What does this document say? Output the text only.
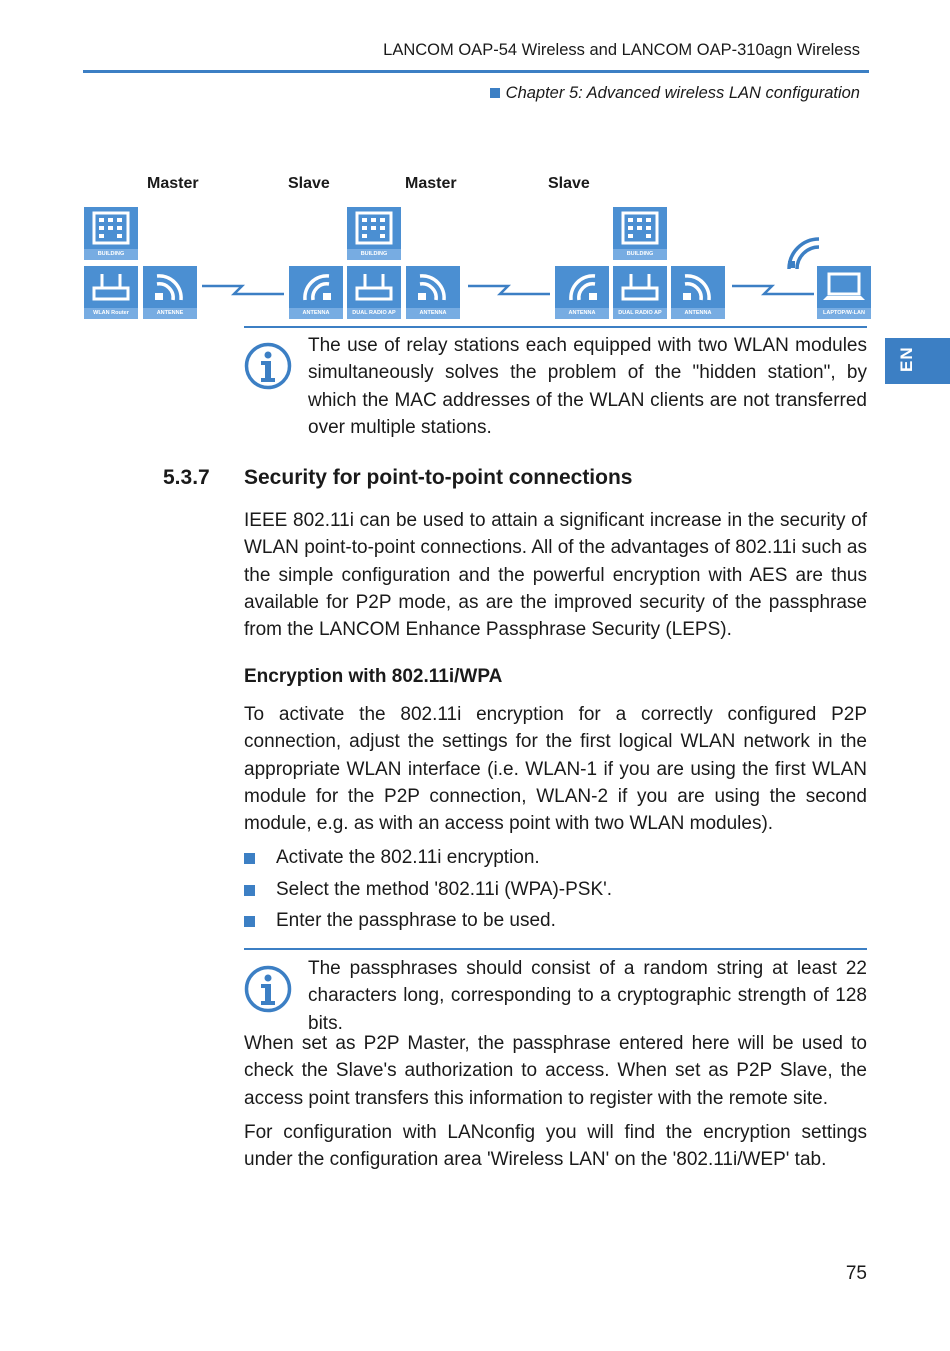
LANCOM OAP-54 Wireless and LANCOM OAP-310agn Wireless
Chapter 5: Advanced wireless LAN configuration
EN
Master	Slave	Master	Slave
BUILDING
WLAN Router	ANTENNE	ANTENNA
BUILDING
DUAL RADIO AP	ANTENNA	ANTENNA
BUILDING
DUAL RADIO AP	ANTENNA	LAPTOP/W-LAN
The use of relay stations each equipped with two WLAN modules simultaneously solves the problem of the "hidden station", by which the MAC addresses of the WLAN clients are not transferred over multiple stations.
5.3.7 Security for point-to-point connections
IEEE 802.11i can be used to attain a significant increase in the security of WLAN point-to-point connections. All of the advantages of 802.11i such as the simple configuration and the powerful encryption with AES are thus available for P2P mode, as are the improved security of the passphrase from the LANCOM Enhance Passphrase Security (LEPS).
Encryption with 802.11i/WPA
To activate the 802.11i encryption for a correctly configured P2P connection, adjust the settings for the first logical WLAN network in the appropriate WLAN interface (i.e. WLAN-1 if you are using the first WLAN module for the P2P connection, WLAN-2 if you are using the second module, e.g. as with an access point with two WLAN modules).
Activate the 802.11i encryption.
Select the method '802.11i (WPA)-PSK'.
Enter the passphrase to be used.
The passphrases should consist of a random string at least 22 characters long, corresponding to a cryptographic strength of 128 bits.
When set as P2P Master, the passphrase entered here will be used to check the Slave's authorization to access. When set as P2P Slave, the access point transfers this information to register with the remote site.
For configuration with LANconfig you will find the encryption settings under the configuration area 'Wireless LAN' on the '802.11i/WEP' tab.
75
